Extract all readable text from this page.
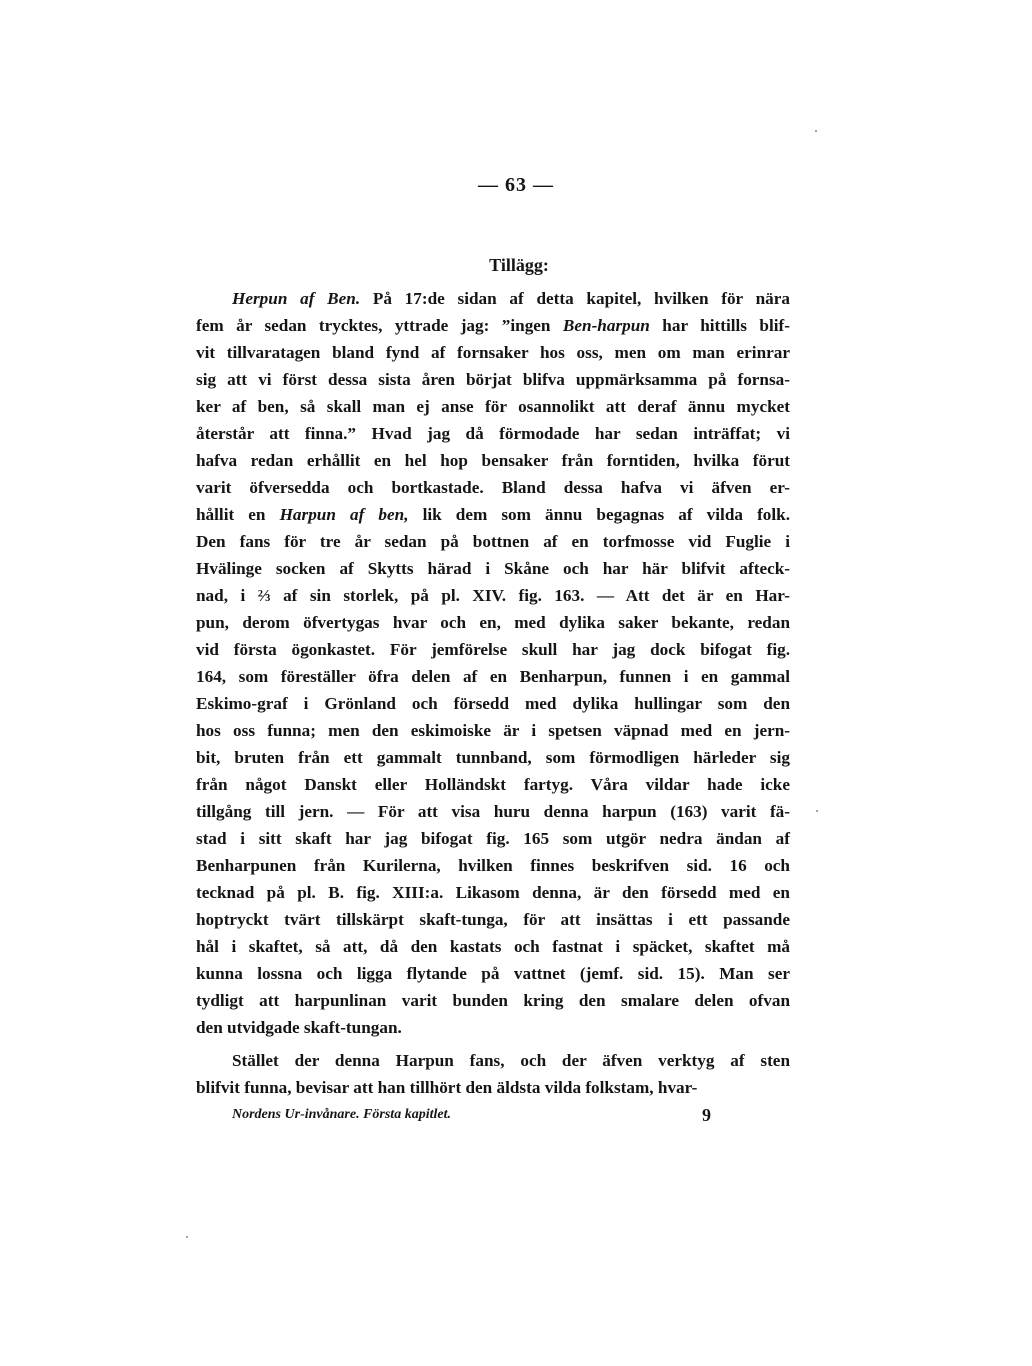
— 63 —
Tillägg:
Herpun af Ben. På 17:de sidan af detta kapitel, hvilken för nära
fem år sedan trycktes, yttrade jag: ”ingen Ben-harpun har hittills blif-
vit tillvaratagen bland fynd af fornsaker hos oss, men om man erinrar
sig att vi först dessa sista åren börjat blifva uppmärksamma på fornsa-
ker af ben, så skall man ej anse för osannolikt att deraf ännu mycket
återstår att finna.” Hvad jag då förmodade har sedan inträffat; vi
hafva redan erhållit en hel hop bensaker från forntiden, hvilka förut
varit öfversedda och bortkastade. Bland dessa hafva vi äfven er-
hållit en Harpun af ben, lik dem som ännu begagnas af vilda folk.
Den fans för tre år sedan på bottnen af en torfmosse vid Fuglie i
Hvälinge socken af Skytts härad i Skåne och har här blifvit afteck-
nad, i ⅔ af sin storlek, på pl. XIV. fig. 163. — Att det är en Har-
pun, derom öfvertygas hvar och en, med dylika saker bekante, redan
vid första ögonkastet. För jemförelse skull har jag dock bifogat fig.
164, som föreställer öfra delen af en Benharpun, funnen i en gammal
Eskimo-graf i Grönland och försedd med dylika hullingar som den
hos oss funna; men den eskimoiske är i spetsen väpnad med en jern-
bit, bruten från ett gammalt tunnband, som förmodligen härleder sig
från något Danskt eller Holländskt fartyg. Våra vildar hade icke
tillgång till jern. — För att visa huru denna harpun (163) varit fä-
stad i sitt skaft har jag bifogat fig. 165 som utgör nedra ändan af
Benharpunen från Kurilerna, hvilken finnes beskrifven sid. 16 och
tecknad på pl. B. fig. XIII:a. Likasom denna, är den försedd med en
hoptryckt tvärt tillskärpt skaft-tunga, för att insättas i ett passande
hål i skaftet, så att, då den kastats och fastnat i späcket, skaftet må
kunna lossna och ligga flytande på vattnet (jemf. sid. 15). Man ser
tydligt att harpunlinan varit bunden kring den smalare delen ofvan
den utvidgade skaft-tungan.
Stället der denna Harpun fans, och der äfven verktyg af sten
blifvit funna, bevisar att han tillhört den äldsta vilda folkstam, hvar-
Nordens Ur-invånare. Första kapitlet.	9
